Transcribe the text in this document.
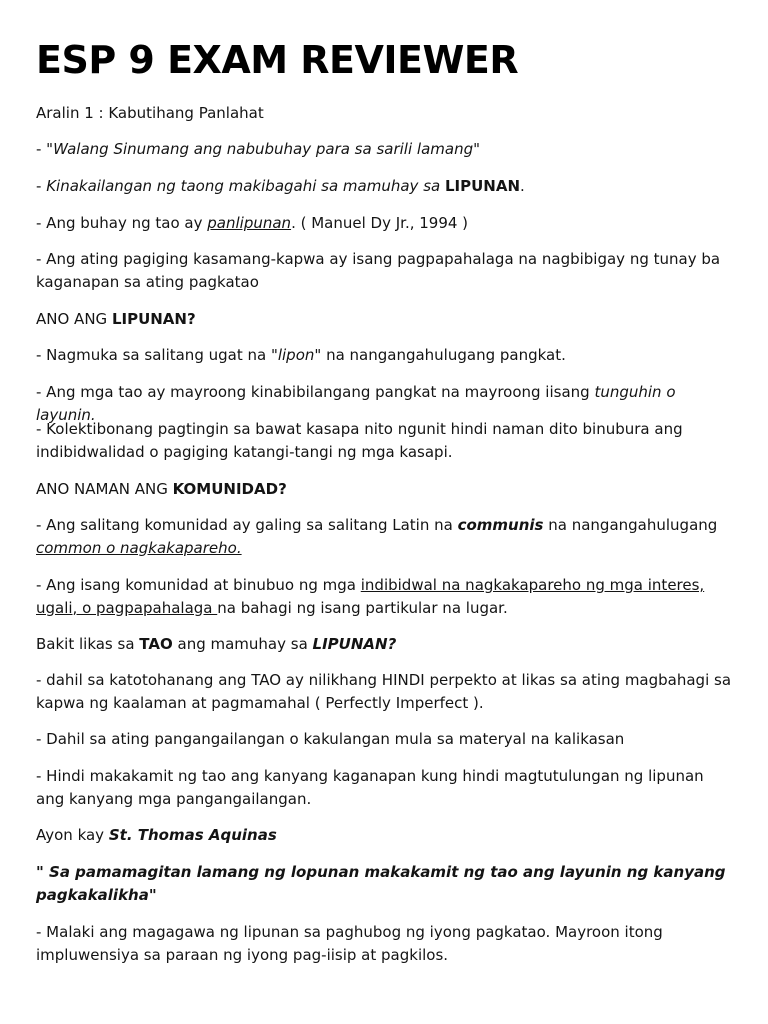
ESP 9 EXAM REVIEWER

Aralin 1 : Kabutihang Panlahat

- "Walang Sinumang ang nabubuhay para sa sarili lamang"

- Kinakailangan ng taong makibagahi sa mamuhay sa LIPUNAN.

- Ang buhay ng tao ay panlipunan. ( Manuel Dy Jr., 1994 )

- Ang ating pagiging kasamang-kapwa ay isang pagpapahalaga na nagbibigay ng tunay ba kaganapan sa ating pagkatao

ANO ANG LIPUNAN?

- Nagmuka sa salitang ugat na "lipon" na nangangahulugang pangkat.

- Ang mga tao ay mayroong kinabibilangang pangkat na mayroong iisang tunguhin o layunin.

- Kolektibonang pagtingin sa bawat kasapa nito ngunit hindi naman dito binubura ang indibidwalidad o pagiging katangi-tangi ng mga kasapi.

ANO NAMAN ANG KOMUNIDAD?

- Ang salitang komunidad ay galing sa salitang Latin na communis na nangangahulugang common o nagkakapareho.

- Ang isang komunidad at binubuo ng mga indibidwal na nagkakapareho ng mga interes, ugali, o pagpapahalaga na bahagi ng isang partikular na lugar.

Bakit likas sa TAO ang mamuhay sa LIPUNAN?

- dahil sa katotohanang ang TAO ay nilikhang HINDI perpekto at likas sa ating magbahagi sa kapwa ng kaalaman at pagmamahal ( Perfectly Imperfect ).

- Dahil sa ating pangangailangan o kakulangan mula sa materyal na kalikasan

- Hindi makakamit ng tao ang kanyang kaganapan kung hindi magtutulungan ng lipunan ang kanyang mga pangangailangan.

Ayon kay St. Thomas Aquinas

" Sa pamamagitan lamang ng lopunan makakamit ng tao ang layunin ng kanyang pagkakalikha"

- Malaki ang magagawa ng lipunan sa paghubog ng iyong pagkatao. Mayroon itong impluwensiya sa paraan ng iyong pag-iisip at pagkilos.
